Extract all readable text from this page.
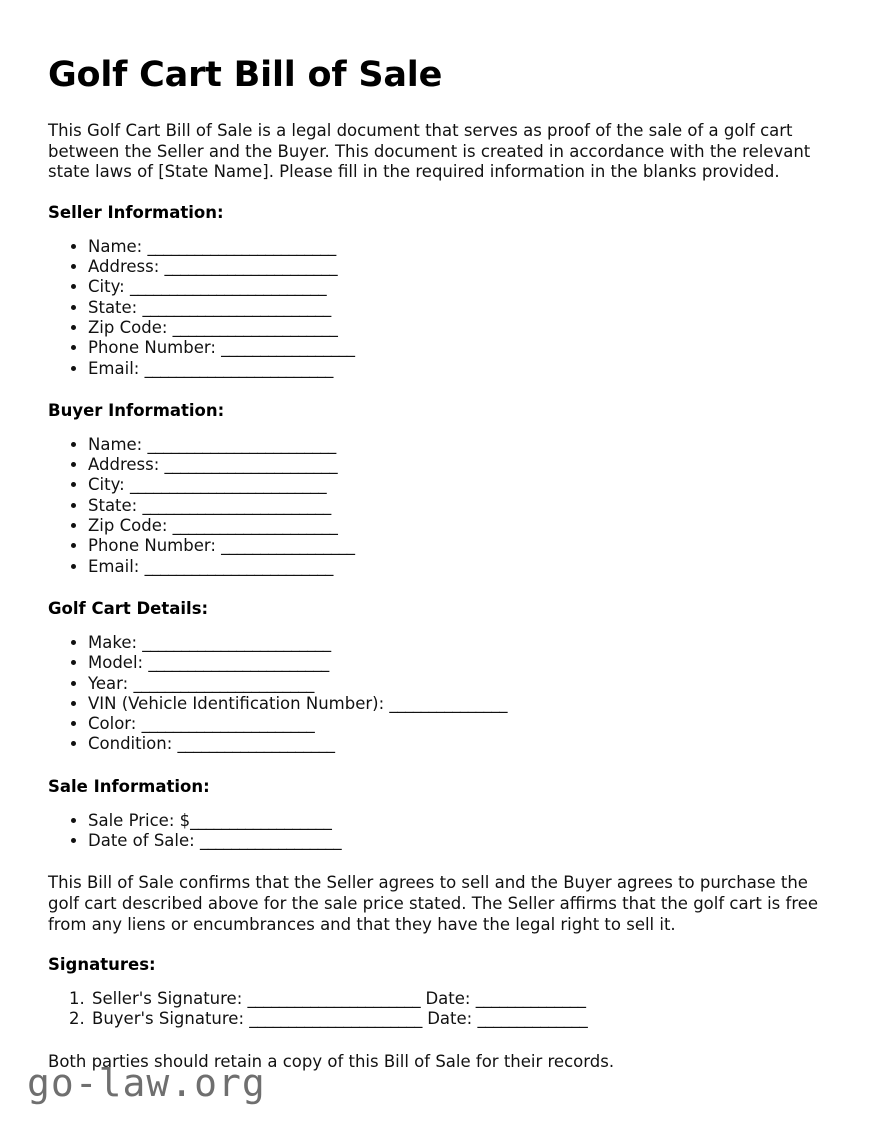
Golf Cart Bill of Sale

This Golf Cart Bill of Sale is a legal document that serves as proof of the sale of a golf cart between the Seller and the Buyer. This document is created in accordance with the relevant state laws of [State Name]. Please fill in the required information in the blanks provided.

Seller Information:
• Name: ________________________
• Address: ______________________
• City: _________________________
• State: ________________________
• Zip Code: _____________________
• Phone Number: _________________
• Email: ________________________
Buyer Information:
• Name: ________________________
• Address: ______________________
• City: _________________________
• State: ________________________
• Zip Code: _____________________
• Phone Number: _________________
• Email: ________________________
Golf Cart Details:
• Make: ________________________
• Model: _______________________
• Year: _______________________
• VIN (Vehicle Identification Number): _______________
• Color: ______________________
• Condition: ____________________
Sale Information:
• Sale Price: $__________________
• Date of Sale: __________________

This Bill of Sale confirms that the Seller agrees to sell and the Buyer agrees to purchase the golf cart described above for the sale price stated. The Seller affirms that the golf cart is free from any liens or encumbrances and that they have the legal right to sell it.

Signatures:
1. Seller's Signature: ______________________ Date: ______________
2. Buyer's Signature: ______________________ Date: ______________

Both parties should retain a copy of this Bill of Sale for their records.

go-law.org
